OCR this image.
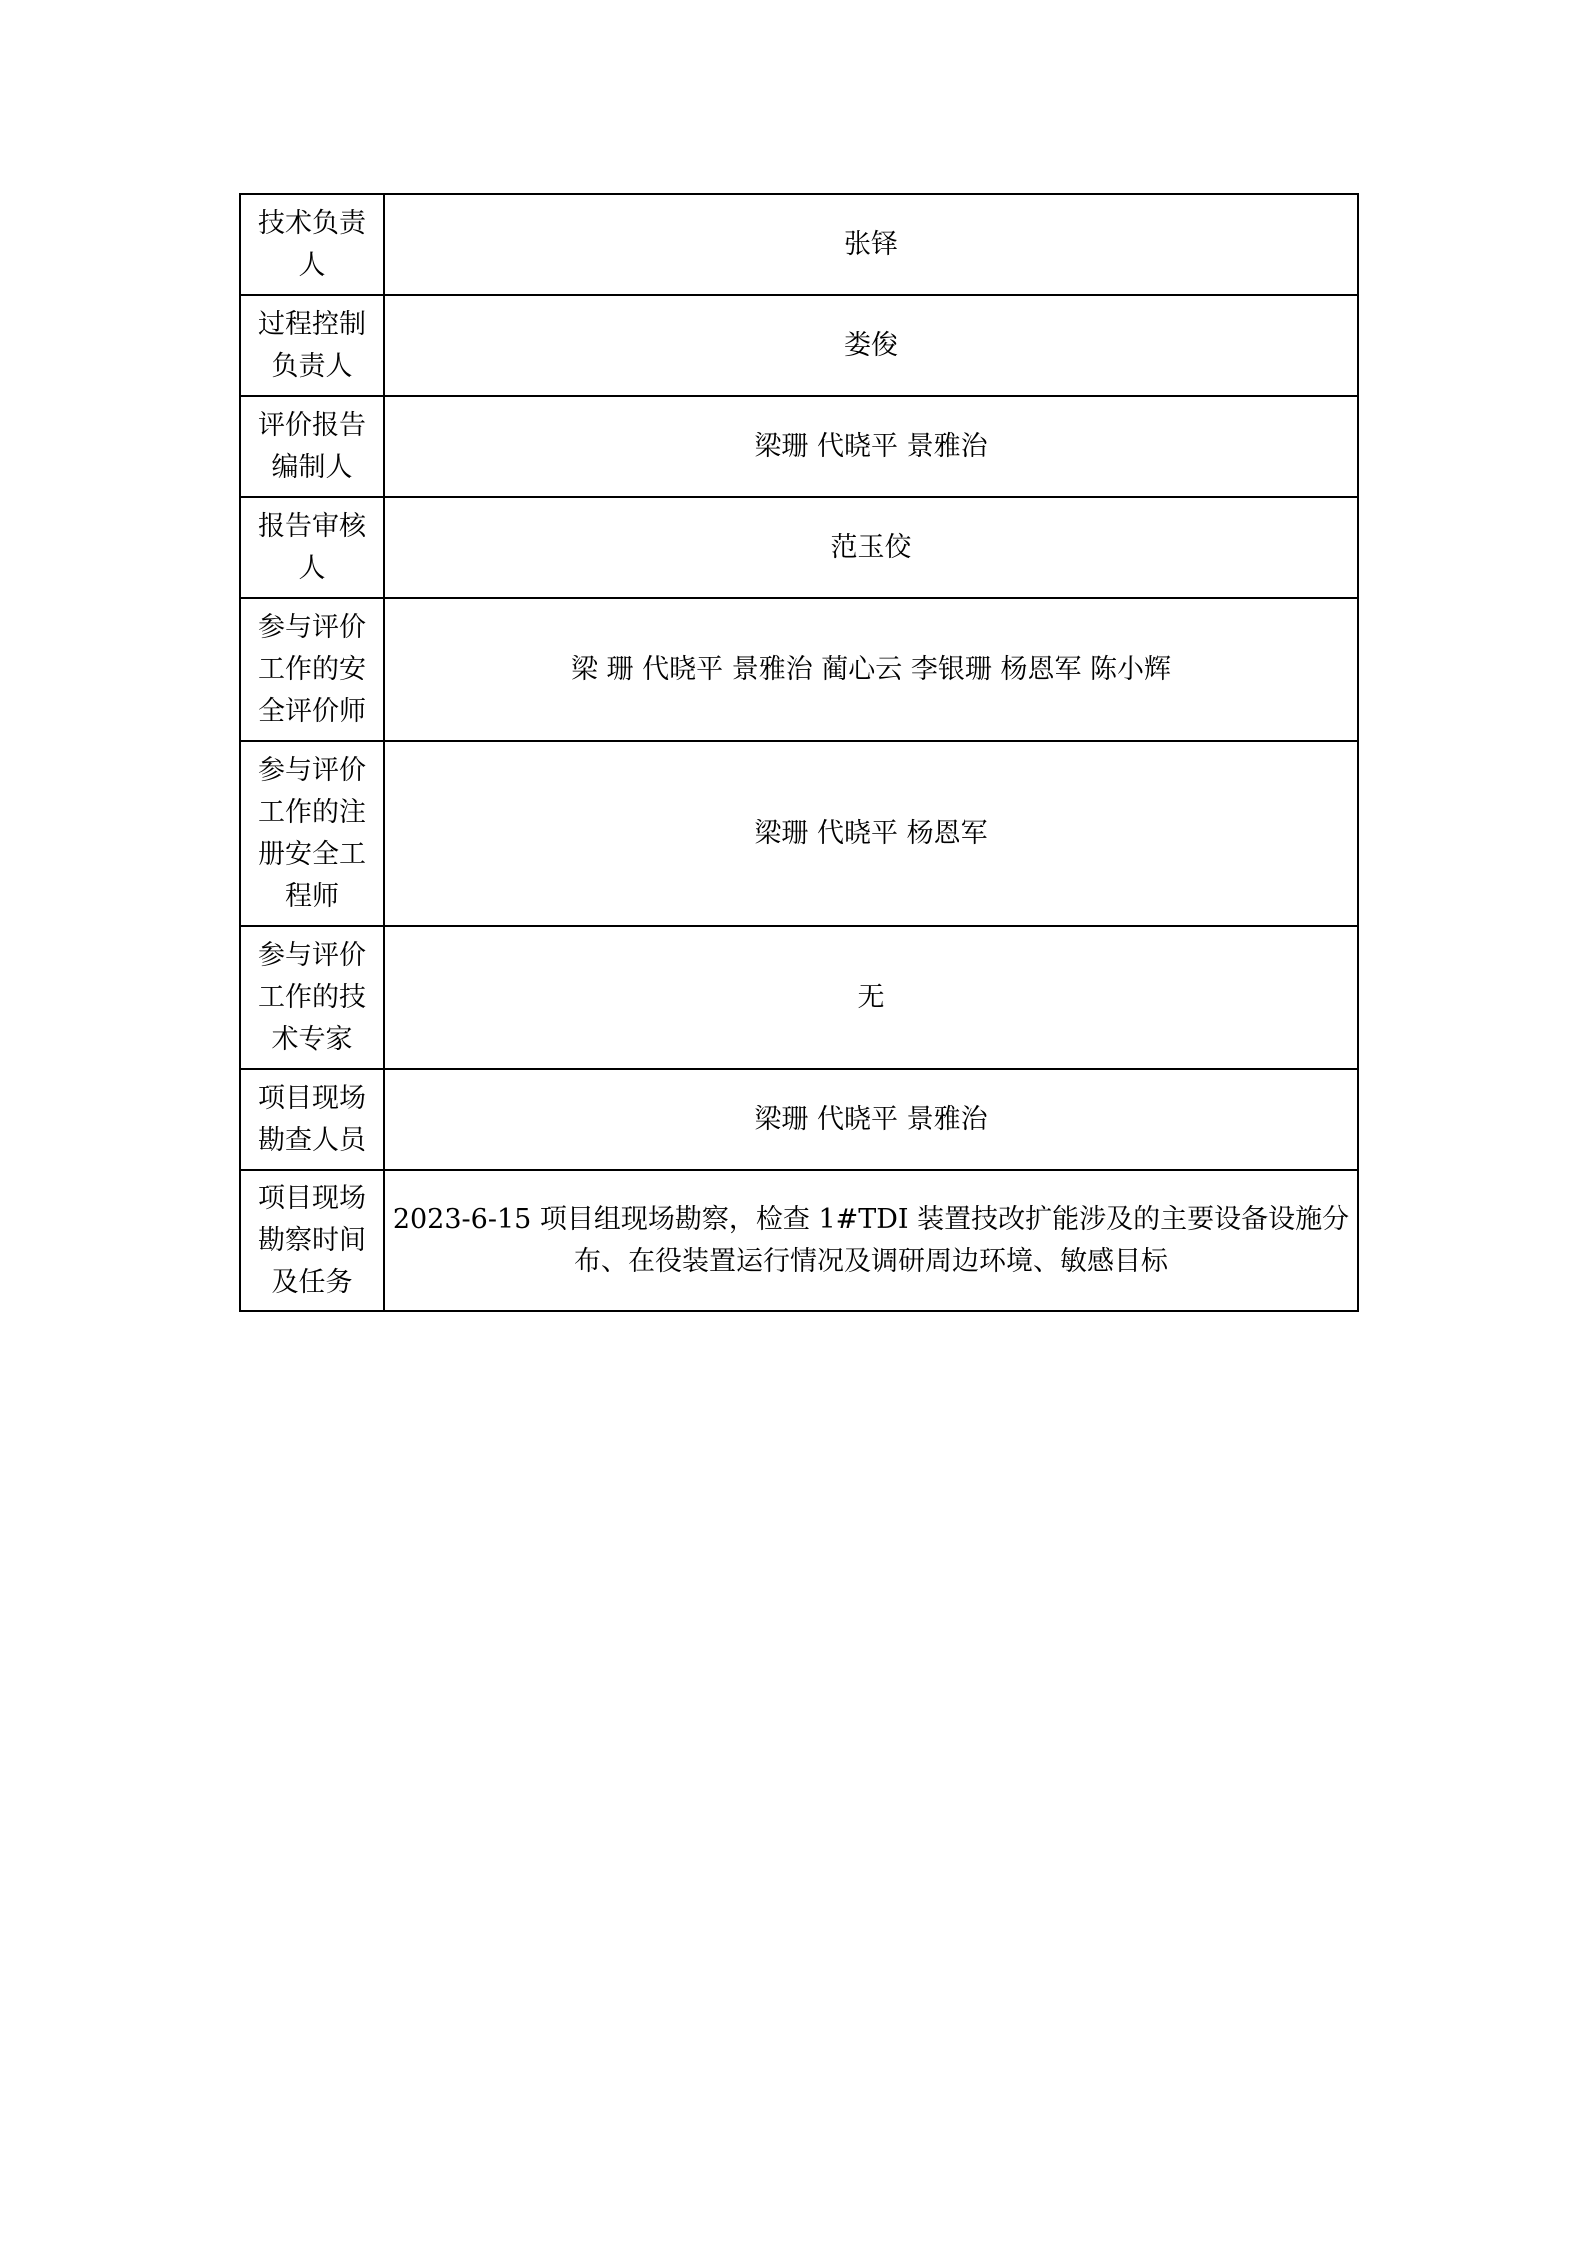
技术负责人	张铎

过程控制负责人	娄俊

评价报告编制人	梁珊 代晓平 景雅治

报告审核人	范玉佼

参与评价工作的安全评价师	梁 珊 代晓平 景雅治 蔺心云 李银珊 杨恩军 陈小辉

参与评价工作的注册安全工程师	梁珊 代晓平 杨恩军

参与评价工作的技术专家	无

项目现场勘查人员	梁珊 代晓平 景雅治

项目现场勘察时间及任务	2023-6-15 项目组现场勘察，检查 1#TDI 装置技改扩能涉及的主要设备设施分布、在役装置运行情况及调研周边环境、敏感目标
